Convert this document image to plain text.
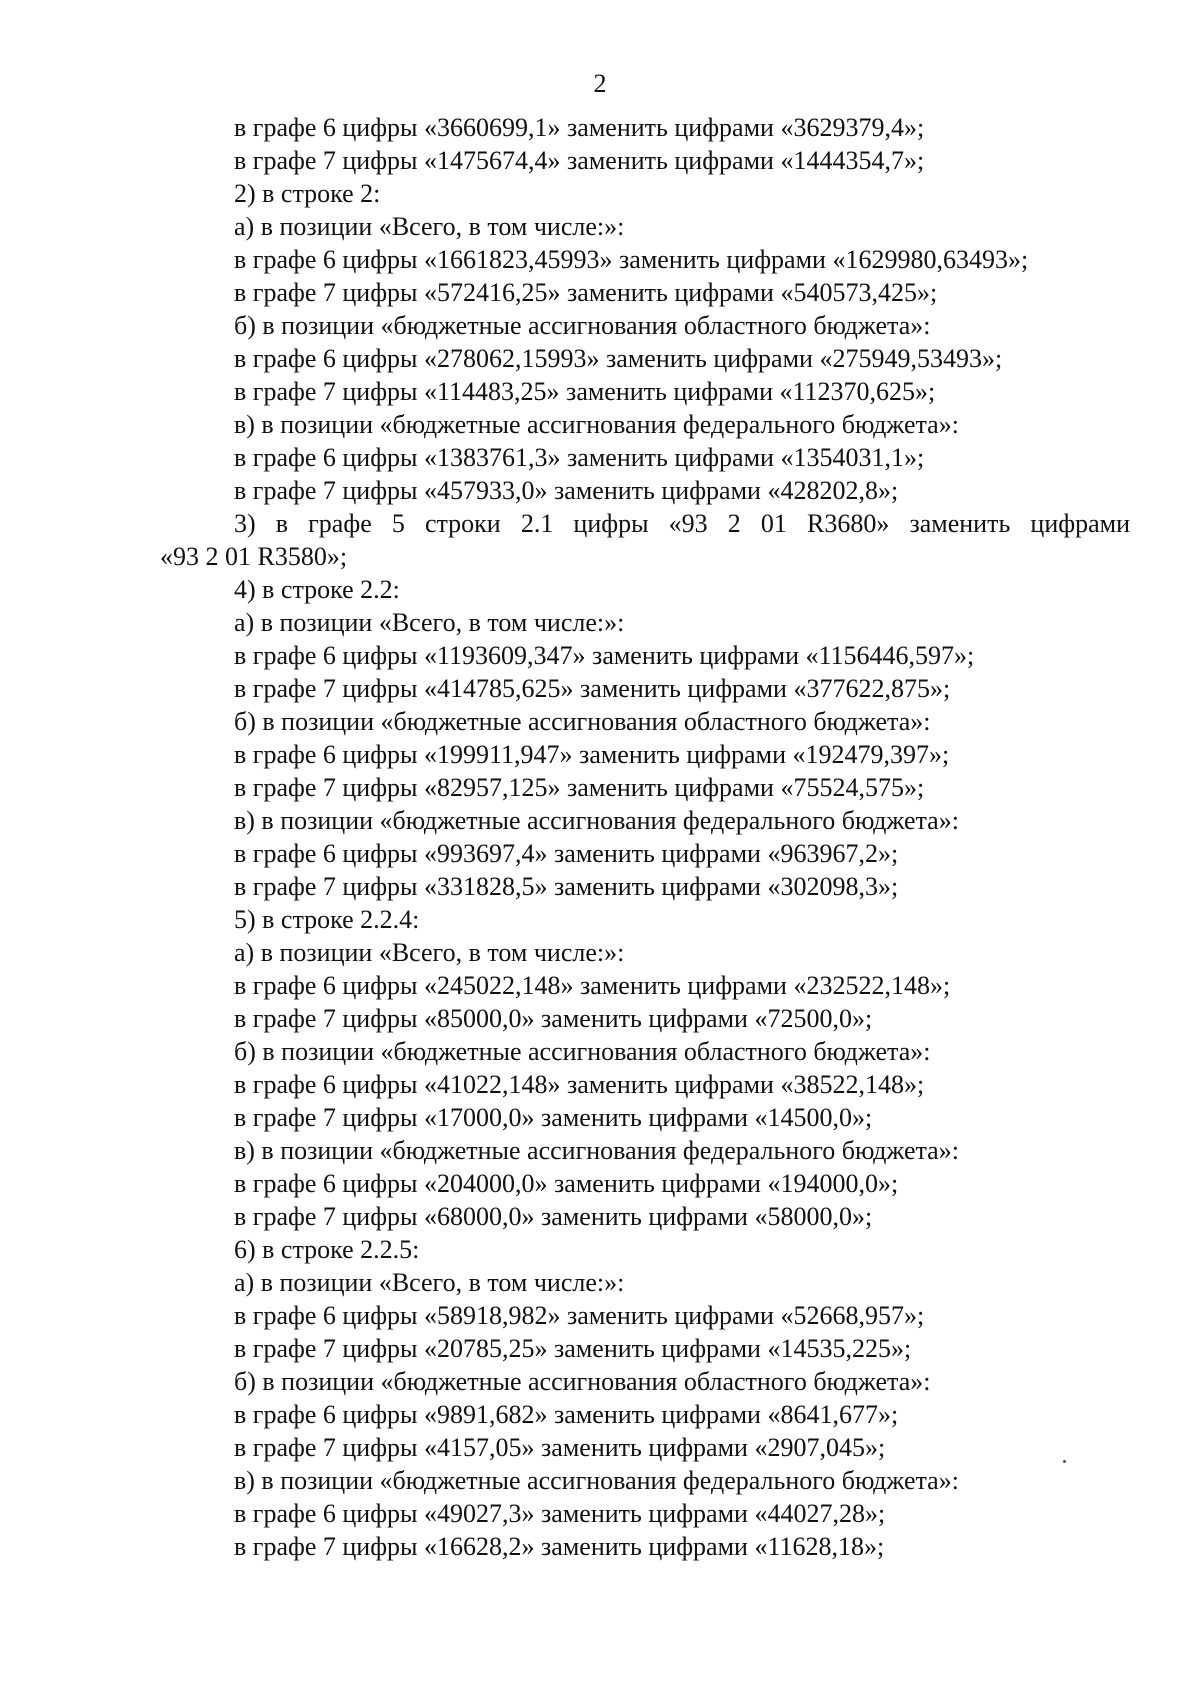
2
в графе 6 цифры «3660699,1» заменить цифрами «3629379,4»;
в графе 7 цифры «1475674,4» заменить цифрами «1444354,7»;
2) в строке 2:
а) в позиции «Всего, в том числе:»:
в графе 6 цифры «1661823,45993» заменить цифрами «1629980,63493»;
в графе 7 цифры «572416,25» заменить цифрами «540573,425»;
б) в позиции «бюджетные ассигнования областного бюджета»:
в графе 6 цифры «278062,15993» заменить цифрами «275949,53493»;
в графе 7 цифры «114483,25» заменить цифрами «112370,625»;
в) в позиции «бюджетные ассигнования федерального бюджета»:
в графе 6 цифры «1383761,3» заменить цифрами «1354031,1»;
в графе 7 цифры «457933,0» заменить цифрами «428202,8»;
3) в графе 5 строки 2.1 цифры «93 2 01 R3680» заменить цифрами
«93 2 01 R3580»;
4) в строке 2.2:
а) в позиции «Всего, в том числе:»:
в графе 6 цифры «1193609,347» заменить цифрами «1156446,597»;
в графе 7 цифры «414785,625» заменить цифрами «377622,875»;
б) в позиции «бюджетные ассигнования областного бюджета»:
в графе 6 цифры «199911,947» заменить цифрами «192479,397»;
в графе 7 цифры «82957,125» заменить цифрами «75524,575»;
в) в позиции «бюджетные ассигнования федерального бюджета»:
в графе 6 цифры «993697,4» заменить цифрами «963967,2»;
в графе 7 цифры «331828,5» заменить цифрами «302098,3»;
5) в строке 2.2.4:
а) в позиции «Всего, в том числе:»:
в графе 6 цифры «245022,148» заменить цифрами «232522,148»;
в графе 7 цифры «85000,0» заменить цифрами «72500,0»;
б) в позиции «бюджетные ассигнования областного бюджета»:
в графе 6 цифры «41022,148» заменить цифрами «38522,148»;
в графе 7 цифры «17000,0» заменить цифрами «14500,0»;
в) в позиции «бюджетные ассигнования федерального бюджета»:
в графе 6 цифры «204000,0» заменить цифрами «194000,0»;
в графе 7 цифры «68000,0» заменить цифрами «58000,0»;
6) в строке 2.2.5:
а) в позиции «Всего, в том числе:»:
в графе 6 цифры «58918,982» заменить цифрами «52668,957»;
в графе 7 цифры «20785,25» заменить цифрами «14535,225»;
б) в позиции «бюджетные ассигнования областного бюджета»:
в графе 6 цифры «9891,682» заменить цифрами «8641,677»;
в графе 7 цифры «4157,05» заменить цифрами «2907,045»;
в) в позиции «бюджетные ассигнования федерального бюджета»:
в графе 6 цифры «49027,3» заменить цифрами «44027,28»;
в графе 7 цифры «16628,2» заменить цифрами «11628,18»;
